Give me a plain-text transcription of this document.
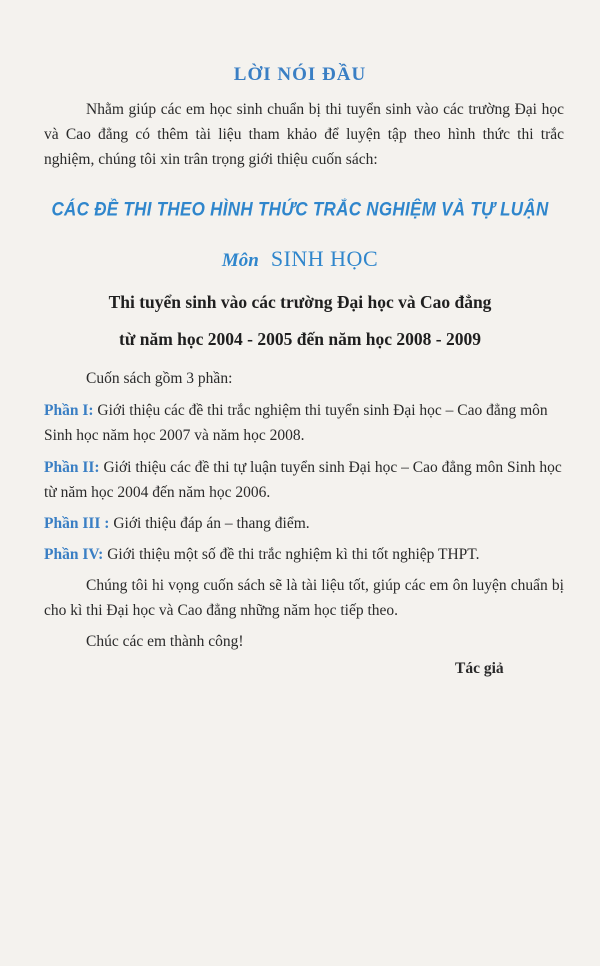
LỜI NÓI ĐẦU

Nhằm giúp các em học sinh chuẩn bị thi tuyển sinh vào các trường Đại học và Cao đẳng có thêm tài liệu tham khảo để luyện tập theo hình thức thi trắc nghiệm, chúng tôi xin trân trọng giới thiệu cuốn sách:

CÁC ĐỀ THI THEO HÌNH THỨC TRẮC NGHIỆM VÀ TỰ LUẬN
Môn SINH HỌC
Thi tuyển sinh vào các trường Đại học và Cao đẳng
từ năm học 2004 - 2005 đến năm học 2008 - 2009

Cuốn sách gồm 3 phần:

Phần I: Giới thiệu các đề thi trắc nghiệm thi tuyển sinh Đại học – Cao đẳng môn Sinh học năm học 2007 và năm học 2008.

Phần II: Giới thiệu các đề thi tự luận tuyển sinh Đại học – Cao đẳng môn Sinh học từ năm học 2004 đến năm học 2006.

Phần III : Giới thiệu đáp án – thang điểm.

Phần IV: Giới thiệu một số đề thi trắc nghiệm kì thi tốt nghiệp THPT.

Chúng tôi hi vọng cuốn sách sẽ là tài liệu tốt, giúp các em ôn luyện chuẩn bị cho kì thi Đại học và Cao đẳng những năm học tiếp theo.

Chúc các em thành công!

Tác giả
